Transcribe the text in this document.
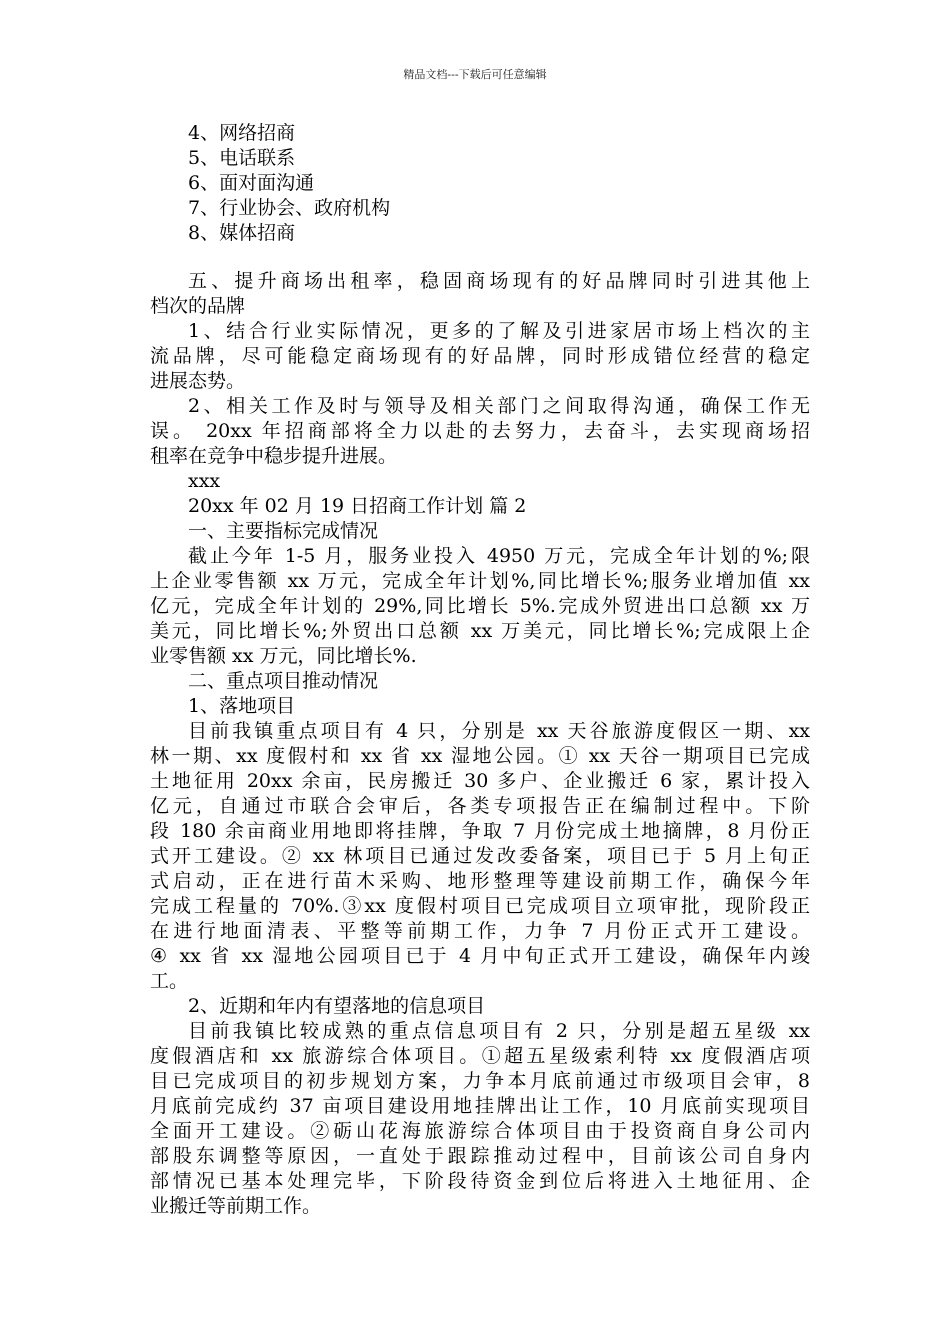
精品文档---下载后可任意编辑
4、网络招商
5、电话联系
6、面对面沟通
7、行业协会、政府机构
8、媒体招商
五、提升商场出租率，稳固商场现有的好品牌同时引进其他上
档次的品牌
1、结合行业实际情况，更多的了解及引进家居市场上档次的主
流品牌，尽可能稳定商场现有的好品牌，同时形成错位经营的稳定
进展态势。
2、相关工作及时与领导及相关部门之间取得沟通，确保工作无
误。 20xx 年招商部将全力以赴的去努力，去奋斗，去实现商场招
租率在竞争中稳步提升进展。
xxx
20xx 年 02 月 19 日招商工作计划 篇 2
一、主要指标完成情况
截止今年 1-5 月，服务业投入 4950 万元，完成全年计划的%;限
上企业零售额 xx 万元，完成全年计划%,同比增长%;服务业增加值 xx
亿元，完成全年计划的 29%,同比增长 5%.完成外贸进出口总额 xx 万
美元，同比增长%;外贸出口总额 xx 万美元，同比增长%;完成限上企
业零售额 xx 万元，同比增长%.
二、重点项目推动情况
1、落地项目
目前我镇重点项目有 4 只，分别是 xx 天谷旅游度假区一期、xx
林一期、xx 度假村和 xx 省 xx 湿地公园。① xx 天谷一期项目已完成
土地征用 20xx 余亩，民房搬迁 30 多户、企业搬迁 6 家，累计投入
亿元，自通过市联合会审后，各类专项报告正在编制过程中。下阶
段 180 余亩商业用地即将挂牌，争取 7 月份完成土地摘牌，8 月份正
式开工建设。② xx 林项目已通过发改委备案，项目已于 5 月上旬正
式启动，正在进行苗木采购、地形整理等建设前期工作，确保今年
完成工程量的 70%.③xx 度假村项目已完成项目立项审批，现阶段正
在进行地面清表、平整等前期工作，力争 7 月份正式开工建设。
④ xx 省 xx 湿地公园项目已于 4 月中旬正式开工建设，确保年内竣
工。
2、近期和年内有望落地的信息项目
目前我镇比较成熟的重点信息项目有 2 只，分别是超五星级 xx
度假酒店和 xx 旅游综合体项目。①超五星级索利特 xx 度假酒店项
目已完成项目的初步规划方案，力争本月底前通过市级项目会审，8
月底前完成约 37 亩项目建设用地挂牌出让工作，10 月底前实现项目
全面开工建设。②砺山花海旅游综合体项目由于投资商自身公司内
部股东调整等原因，一直处于跟踪推动过程中，目前该公司自身内
部情况已基本处理完毕，下阶段待资金到位后将进入土地征用、企
业搬迁等前期工作。
